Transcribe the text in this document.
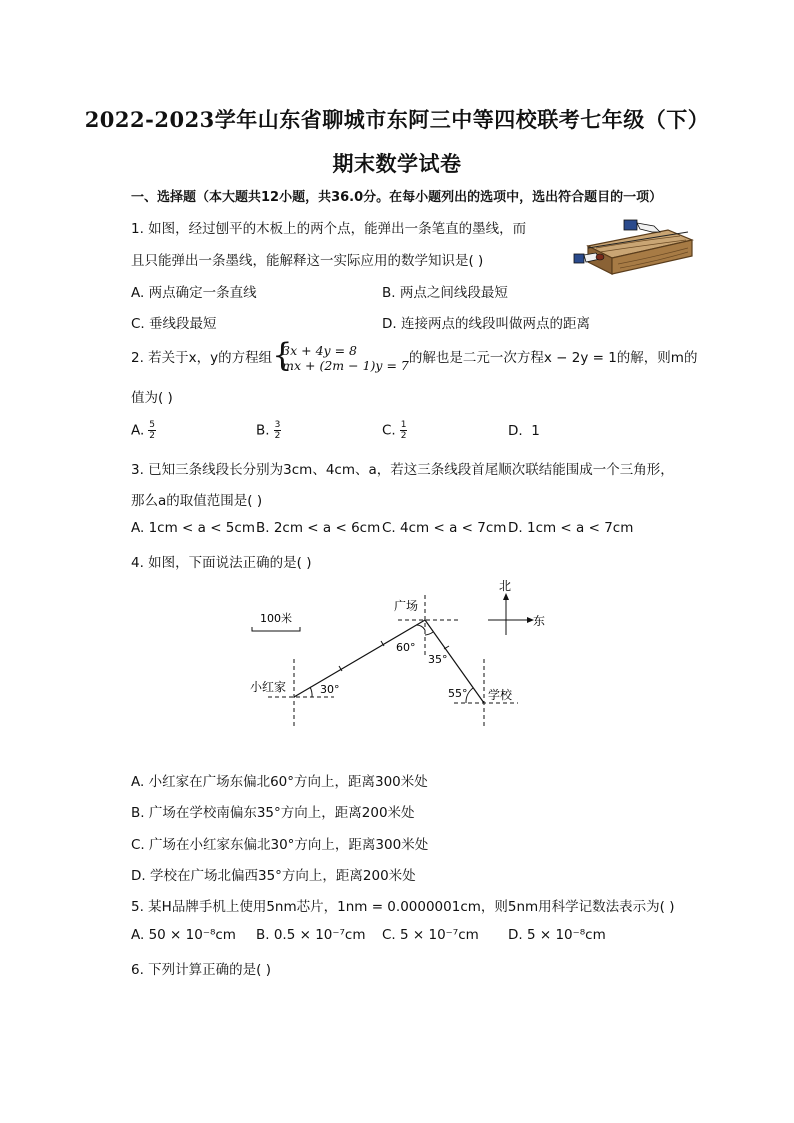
2022-2023学年山东省聊城市东阿三中等四校联考七年级（下）
期末数学试卷
一、选择题（本大题共12小题，共36.0分。在每小题列出的选项中，选出符合题目的一项）
1. 如图，经过刨平的木板上的两个点，能弹出一条笔直的墨线，而
且只能弹出一条墨线，能解释这一实际应用的数学知识是( )
A. 两点确定一条直线	B. 两点之间线段最短
C. 垂线段最短	D. 连接两点的线段叫做两点的距离
2. 若关于x，y的方程组 {
3x + 4y = 8
mx + (2m − 1)y = 7 的解也是二元一次方程x − 2y = 1的解，则m的
值为( )
A. $\frac{5}{2}$	B. $\frac{3}{2}$	C. $\frac{1}{2}$	D. 1
3. 已知三条线段长分别为3cm、4cm、a，若这三条线段首尾顺次联结能围成一个三角形，
那么a的取值范围是( )
A. 1cm < a < 5cm B. 2cm < a < 6cm C. 4cm < a < 7cm D. 1cm < a < 7cm
4. 如图，下面说法正确的是( )
100米
北
东
广场
小红家
学校
60°
35°
30°	55°
A. 小红家在广场东偏北60°方向上，距离300米处
B. 广场在学校南偏东35°方向上，距离200米处
C. 广场在小红家东偏北30°方向上，距离300米处
D. 学校在广场北偏西35°方向上，距离200米处
5. 某H品牌手机上使用5nm芯片，1nm = 0.0000001cm，则5nm用科学记数法表示为( )
A. 50 × 10⁻⁸cm B. 0.5 × 10⁻⁷cm C. 5 × 10⁻⁷cm D. 5 × 10⁻⁸cm
6. 下列计算正确的是( )
